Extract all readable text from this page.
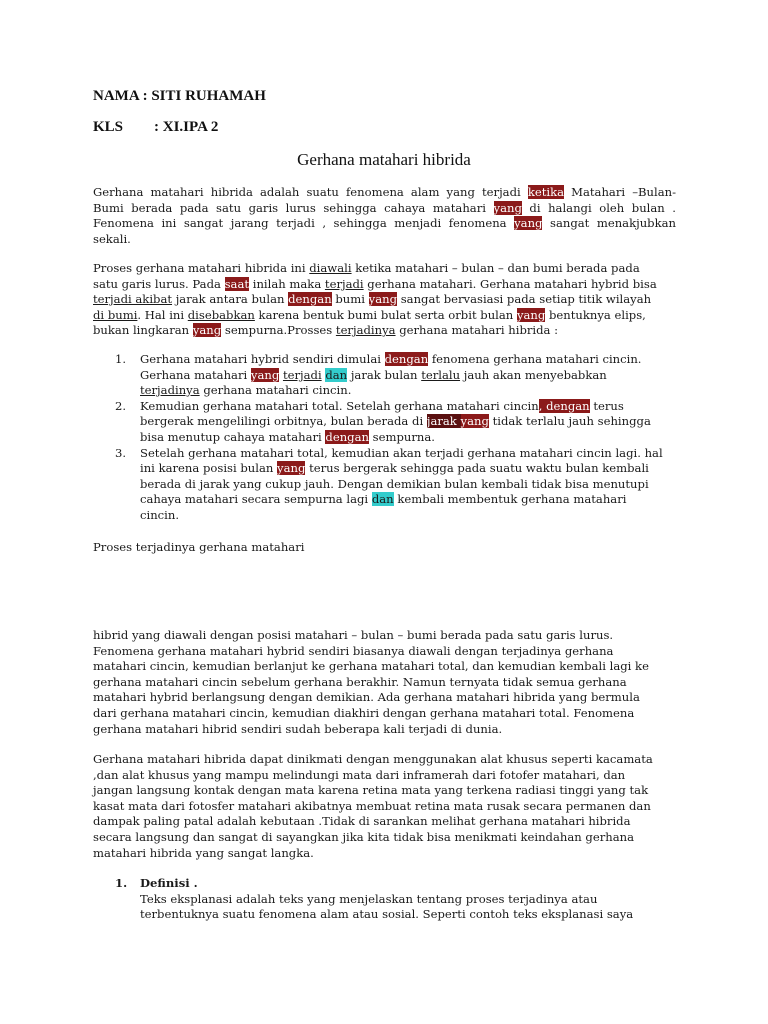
NAMA : SITI RUHAMAH
KLS : XI.IPA 2
Gerhana matahari hibrida
Gerhana matahari hibrida adalah suatu fenomena alam yang terjadi ketika Matahari –Bulan-
Bumi berada pada satu garis lurus sehingga cahaya matahari yang di halangi oleh bulan .
Fenomena ini sangat jarang terjadi , sehingga menjadi fenomena yang sangat menakjubkan
sekali.
Proses gerhana matahari hibrida ini diawali ketika matahari – bulan – dan bumi berada pada
satu garis lurus. Pada saat inilah maka terjadi gerhana matahari. Gerhana matahari hybrid bisa
terjadi akibat jarak antara bulan dengan bumi yang sangat bervasiasi pada setiap titik wilayah
di bumi. Hal ini disebabkan karena bentuk bumi bulat serta orbit bulan yang bentuknya elips,
bukan lingkaran yang sempurna.Prosses terjadinya gerhana matahari hibrida :
1. Gerhana matahari hybrid sendiri dimulai dengan fenomena gerhana matahari cincin.
Gerhana matahari yang terjadi dan jarak bulan terlalu jauh akan menyebabkan
terjadinya gerhana matahari cincin.
2. Kemudian gerhana matahari total. Setelah gerhana matahari cincin, dengan terus
bergerak mengelilingi orbitnya, bulan berada di jarak yang tidak terlalu jauh sehingga
bisa menutup cahaya matahari dengan sempurna.
3. Setelah gerhana matahari total, kemudian akan terjadi gerhana matahari cincin lagi. hal
ini karena posisi bulan yang terus bergerak sehingga pada suatu waktu bulan kembali
berada di jarak yang cukup jauh. Dengan demikian bulan kembali tidak bisa menutupi
cahaya matahari secara sempurna lagi dan kembali membentuk gerhana matahari
cincin.
Proses terjadinya gerhana matahari
hibrid yang diawali dengan posisi matahari – bulan – bumi berada pada satu garis lurus.
Fenomena gerhana matahari hybrid sendiri biasanya diawali dengan terjadinya gerhana
matahari cincin, kemudian berlanjut ke gerhana matahari total, dan kemudian kembali lagi ke
gerhana matahari cincin sebelum gerhana berakhir. Namun ternyata tidak semua gerhana
matahari hybrid berlangsung dengan demikian. Ada gerhana matahari hibrida yang bermula
dari gerhana matahari cincin, kemudian diakhiri dengan gerhana matahari total. Fenomena
gerhana matahari hibrid sendiri sudah beberapa kali terjadi di dunia.
Gerhana matahari hibrida dapat dinikmati dengan menggunakan alat khusus seperti kacamata
,dan alat khusus yang mampu melindungi mata dari inframerah dari fotofer matahari, dan
jangan langsung kontak dengan mata karena retina mata yang terkena radiasi tinggi yang tak
kasat mata dari fotosfer matahari akibatnya membuat retina mata rusak secara permanen dan
dampak paling patal adalah kebutaan .Tidak di sarankan melihat gerhana matahari hibrida
secara langsung dan sangat di sayangkan jika kita tidak bisa menikmati keindahan gerhana
matahari hibrida yang sangat langka.
1. Definisi .
Teks eksplanasi adalah teks yang menjelaskan tentang proses terjadinya atau
terbentuknya suatu fenomena alam atau sosial. Seperti contoh teks eksplanasi saya
